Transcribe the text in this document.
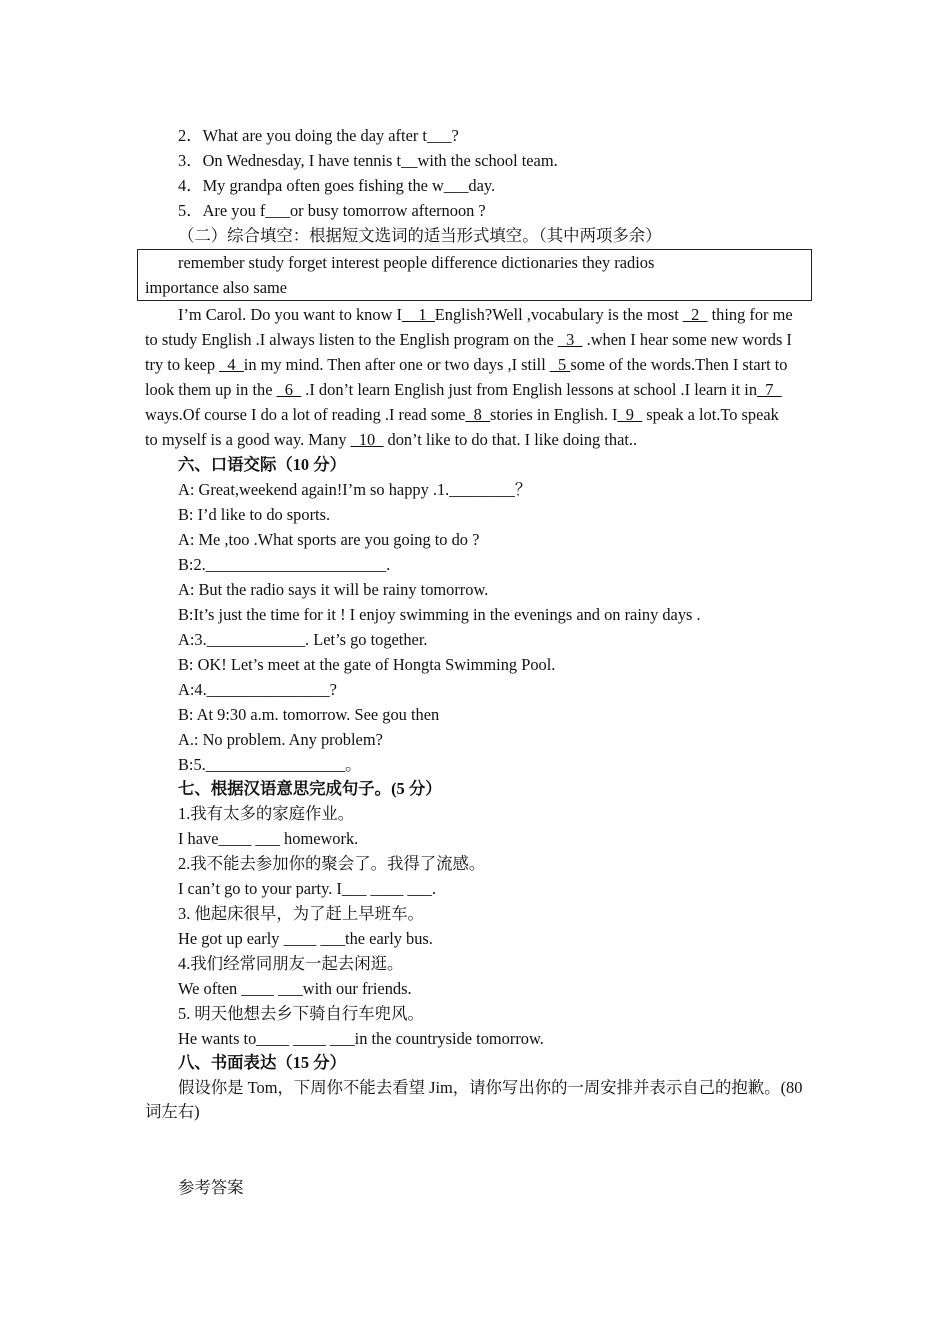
2．What are you doing the day after t___?
3．On Wednesday, I have tennis t__with the school team.
4．My grandpa often goes fishing the w___day.
5．Are you f___or busy tomorrow afternoon ?
（二）综合填空：根据短文选词的适当形式填空。（其中两项多余）
remember study forget interest people difference dictionaries they radios
importance also same
I’m Carol. Do you want to know I__1_English?Well ,vocabulary is the most _2_ thing for me
to study English .I always listen to the English program on the _3_ .when I hear some new words I
try to keep _4_in my mind. Then after one or two days ,I still _5 some of the words.Then I start to
look them up in the _6_ .I don’t learn English just from English lessons at school .I learn it in_7_
ways.Of course I do a lot of reading .I read some_8_stories in English. I_9_ speak a lot.To speak
to myself is a good way. Many _10_ don’t like to do that. I like doing that..
六、口语交际（10 分）
A: Great,weekend again!I’m so happy .1.________？
B: I’d like to do sports.
A: Me ,too .What sports are you going to do ?
B:2.______________________.
A: But the radio says it will be rainy tomorrow.
B:It’s just the time for it ! I enjoy swimming in the evenings and on rainy days .
A:3.____________. Let’s go together.
B: OK! Let’s meet at the gate of Hongta Swimming Pool.
A:4._______________?
B: At 9:30 a.m. tomorrow. See gou then
A.: No problem. Any problem?
B:5._________________。
七、根据汉语意思完成句子。(5 分）
1.我有太多的家庭作业。
I have____ ___ homework.
2.我不能去参加你的聚会了。我得了流感。
I can’t go to your party. I___ ____ ___.
3. 他起床很早，为了赶上早班车。
He got up early ____ ___the early bus.
4.我们经常同朋友一起去闲逛。
We often ____ ___with our friends.
5. 明天他想去乡下骑自行车兜风。
He wants to____ ____ ___in the countryside tomorrow.
八、书面表达（15 分）
假设你是 Tom，下周你不能去看望 Jim，请你写出你的一周安排并表示自己的抱歉。(80
词左右)
参考答案
